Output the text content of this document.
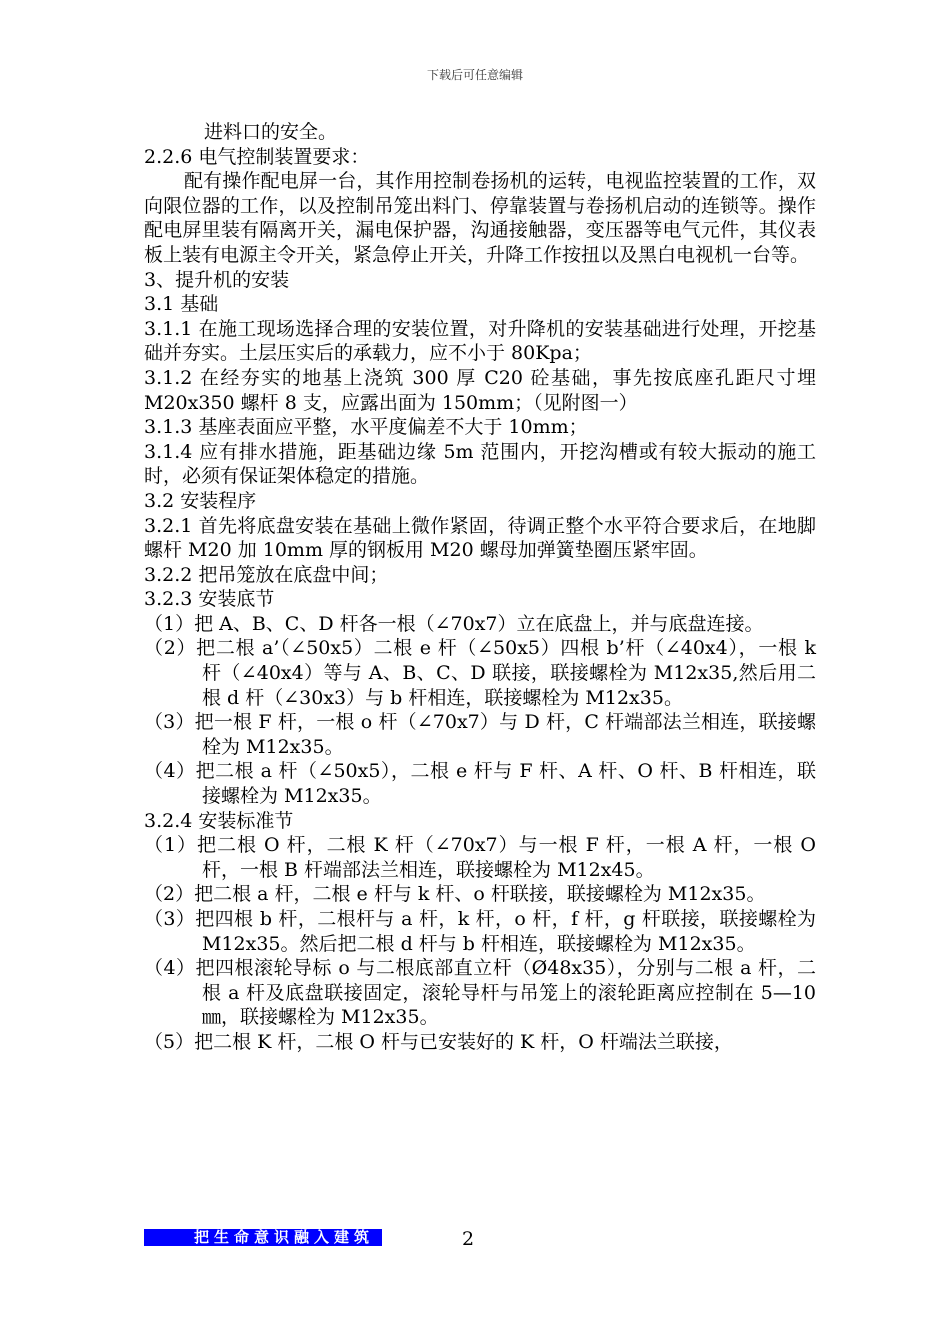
下载后可任意编辑

进料口的安全。

2.2.6 电气控制装置要求：

配有操作配电屏一台，其作用控制卷扬机的运转，电视监控装置的工作，双向限位器的工作，以及控制吊笼出料门、停靠装置与卷扬机启动的连锁等。操作配电屏里装有隔离开关，漏电保护器，沟通接触器，变压器等电气元件，其仪表板上装有电源主令开关，紧急停止开关，升降工作按扭以及黑白电视机一台等。

3、提升机的安装

3.1 基础

3.1.1 在施工现场选择合理的安装位置，对升降机的安装基础进行处理，开挖基础并夯实。土层压实后的承载力，应不小于 80Kpa；

3.1.2 在经夯实的地基上浇筑 300 厚 C20 砼基础，事先按底座孔距尺寸埋 M20x350 螺杆 8 支，应露出面为 150mm；（见附图一）

3.1.3 基座表面应平整，水平度偏差不大于 10mm；

3.1.4 应有排水措施，距基础边缘 5m 范围内，开挖沟槽或有较大振动的施工时，必须有保证架体稳定的措施。

3.2 安装程序

3.2.1 首先将底盘安装在基础上微作紧固，待调正整个水平符合要求后，在地脚螺杆 M20 加 10mm 厚的钢板用 M20 螺母加弹簧垫圈压紧牢固。

3.2.2 把吊笼放在底盘中间；

3.2.3 安装底节

（1）把 A、B、C、D 杆各一根（∠70x7）立在底盘上，并与底盘连接。

（2）把二根 a’（∠50x5）二根 e 杆（∠50x5）四根 b’杆（∠40x4），一根 k 杆（∠40x4）等与 A、B、C、D 联接，联接螺栓为 M12x35,然后用二根 d 杆（∠30x3）与 b 杆相连，联接螺栓为 M12x35。

（3）把一根 F 杆，一根 o 杆（∠70x7）与 D 杆，C 杆端部法兰相连，联接螺栓为 M12x35。

（4）把二根 a 杆（∠50x5），二根 e 杆与 F 杆、A 杆、O 杆、B 杆相连，联接螺栓为 M12x35。

3.2.4 安装标准节

（1）把二根 O 杆，二根 K 杆（∠70x7）与一根 F 杆，一根 A 杆，一根 O 杆，一根 B 杆端部法兰相连，联接螺栓为 M12x45。

（2）把二根 a 杆，二根 e 杆与 k 杆、o 杆联接，联接螺栓为 M12x35。

（3）把四根 b 杆，二根杆与 a 杆，k 杆，o 杆，f 杆，g 杆联接，联接螺栓为 M12x35。然后把二根 d 杆与 b 杆相连，联接螺栓为 M12x35。

（4）把四根滚轮导标 o 与二根底部直立杆（Ø48x35），分别与二根 a 杆，二根 a 杆及底盘联接固定，滚轮导杆与吊笼上的滚轮距离应控制在 5—10㎜，联接螺栓为 M12x35。

（5）把二根 K 杆，二根 O 杆与已安装好的 K 杆，O 杆端法兰联接，

把生命意识融入建筑	2
